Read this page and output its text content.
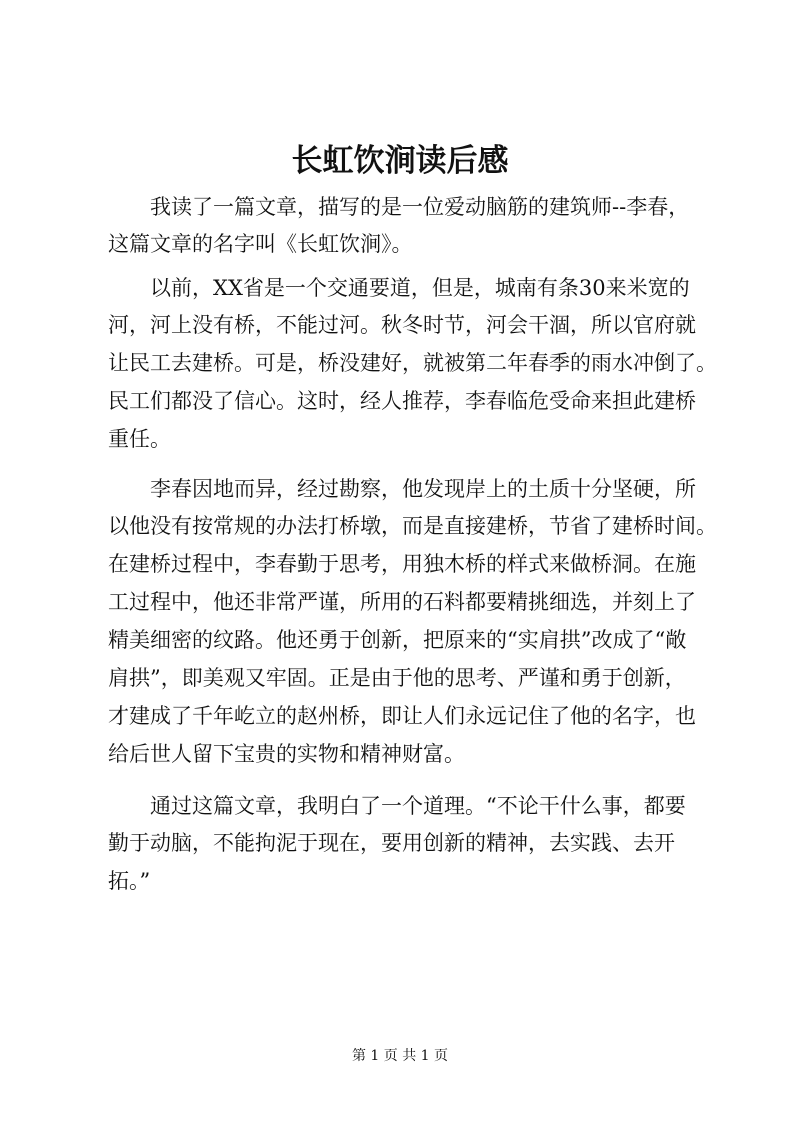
长虹饮涧读后感

我读了一篇文章，描写的是一位爱动脑筋的建筑师--李春，

这篇文章的名字叫《长虹饮涧》。

以前，XX省是一个交通要道，但是，城南有条30来米宽的

河，河上没有桥，不能过河。秋冬时节，河会干涸，所以官府就

让民工去建桥。可是，桥没建好，就被第二年春季的雨水冲倒了。

民工们都没了信心。这时，经人推荐，李春临危受命来担此建桥

重任。

李春因地而异，经过勘察，他发现岸上的土质十分坚硬，所

以他没有按常规的办法打桥墩，而是直接建桥，节省了建桥时间。

在建桥过程中，李春勤于思考，用独木桥的样式来做桥洞。在施

工过程中，他还非常严谨，所用的石料都要精挑细选，并刻上了

精美细密的纹路。他还勇于创新，把原来的“实肩拱”改成了“敞

肩拱”，即美观又牢固。正是由于他的思考、严谨和勇于创新，

才建成了千年屹立的赵州桥，即让人们永远记住了他的名字，也

给后世人留下宝贵的实物和精神财富。

通过这篇文章，我明白了一个道理。“不论干什么事，都要

勤于动脑，不能拘泥于现在，要用创新的精神，去实践、去开

拓。”

第 1 页 共 1 页
